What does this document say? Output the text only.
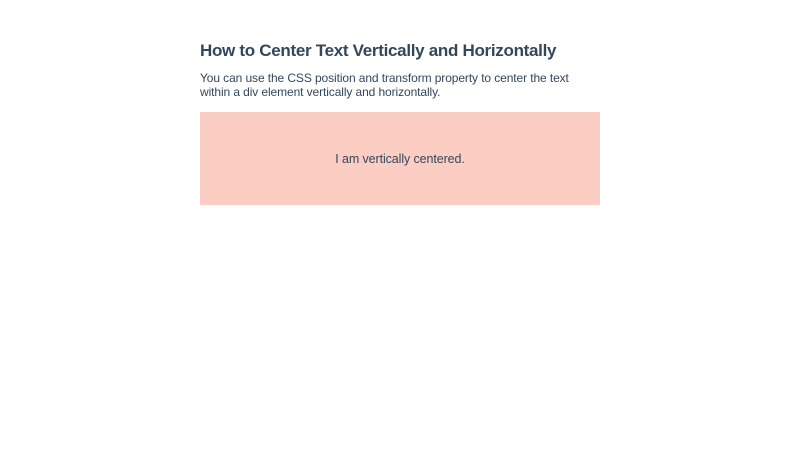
How to Center Text Vertically and Horizontally

You can use the CSS position and transform property to center the text within a div element vertically and horizontally.

I am vertically centered.
